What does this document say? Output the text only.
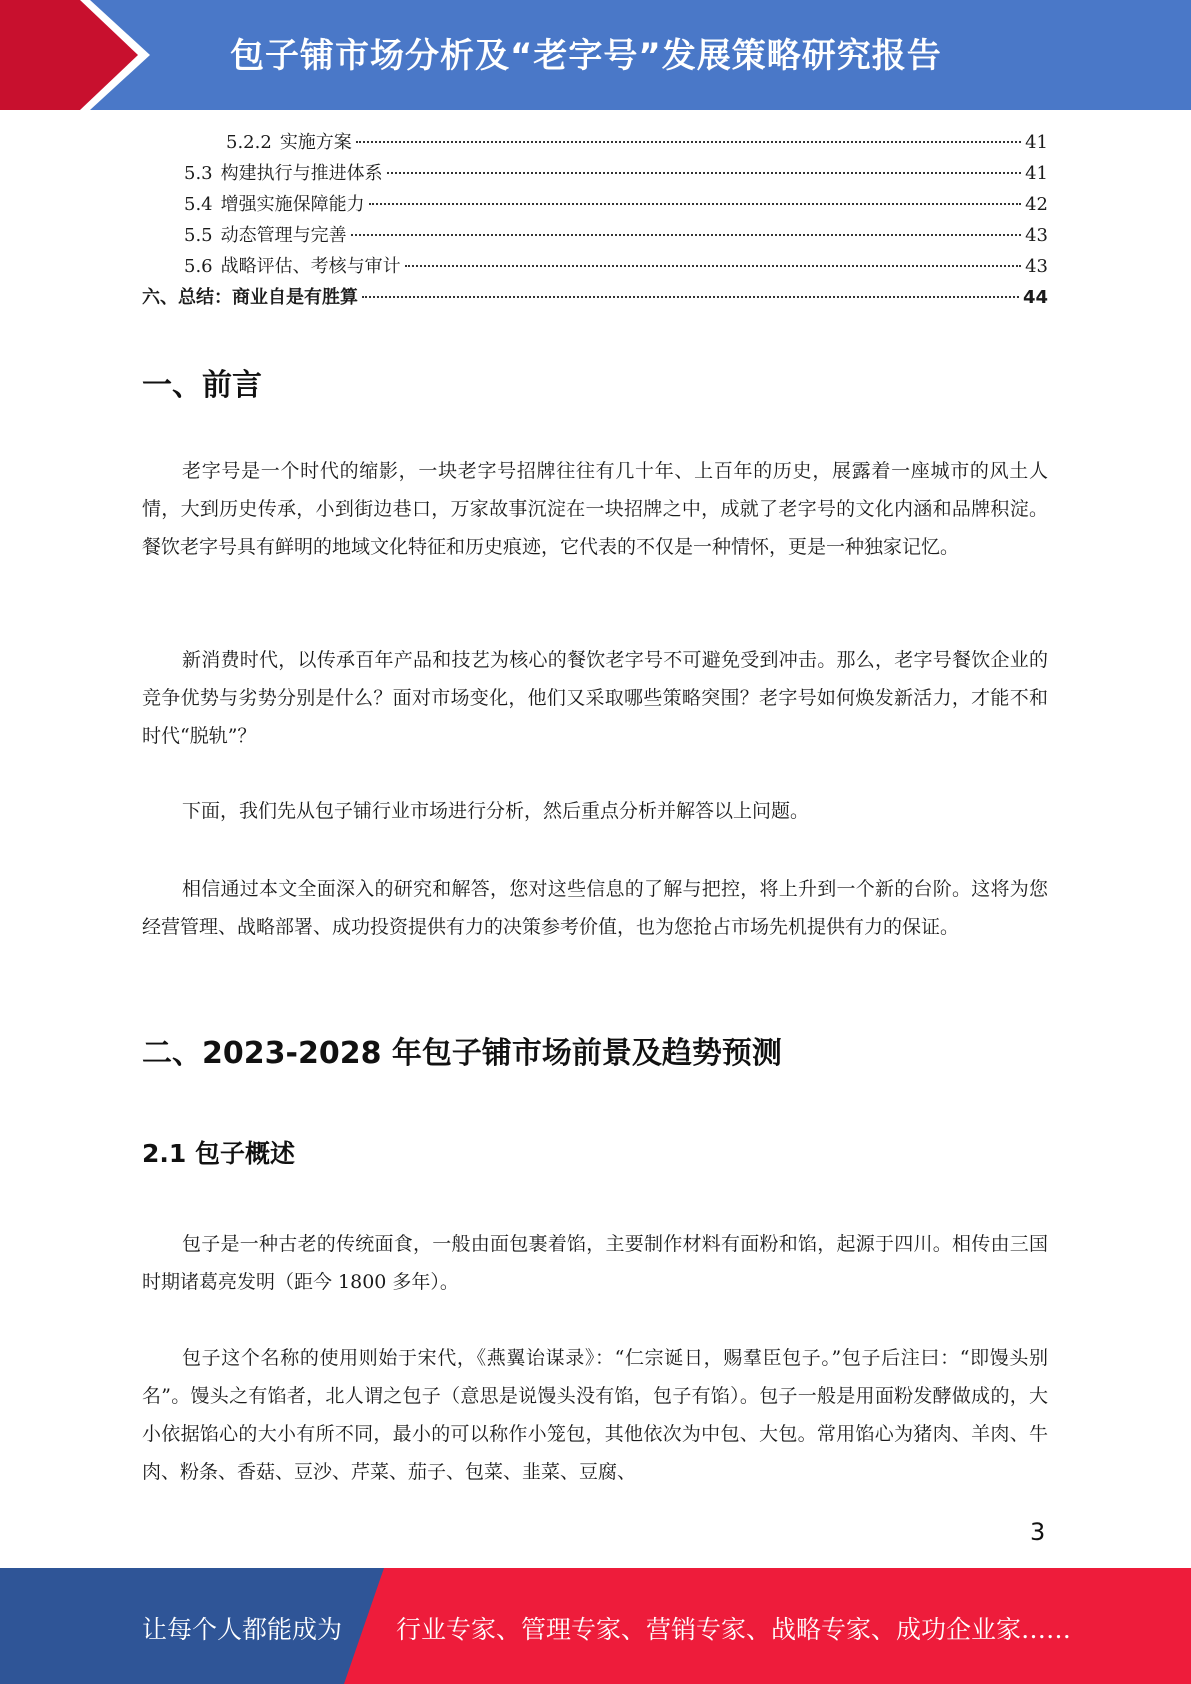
包子铺市场分析及“老字号”发展策略研究报告
5.2.2 实施方案	41
5.3 构建执行与推进体系	41
5.4 增强实施保障能力	42
5.5 动态管理与完善	43
5.6 战略评估、考核与审计	43
六、总结：商业自是有胜算	44
一、前言

老字号是一个时代的缩影，一块老字号招牌往往有几十年、上百年的历史，展露着一座城市的风土人情，大到历史传承，小到街边巷口，万家故事沉淀在一块招牌之中，成就了老字号的文化内涵和品牌积淀。餐饮老字号具有鲜明的地域文化特征和历史痕迹，它代表的不仅是一种情怀，更是一种独家记忆。

新消费时代，以传承百年产品和技艺为核心的餐饮老字号不可避免受到冲击。那么，老字号餐饮企业的竞争优势与劣势分别是什么？面对市场变化，他们又采取哪些策略突围？老字号如何焕发新活力，才能不和时代“脱轨”？

下面，我们先从包子铺行业市场进行分析，然后重点分析并解答以上问题。

相信通过本文全面深入的研究和解答，您对这些信息的了解与把控，将上升到一个新的台阶。这将为您经营管理、战略部署、成功投资提供有力的决策参考价值，也为您抢占市场先机提供有力的保证。

二、2023-2028 年包子铺市场前景及趋势预测
2.1 包子概述

包子是一种古老的传统面食，一般由面包裹着馅，主要制作材料有面粉和馅，起源于四川。相传由三国时期诸葛亮发明（距今 1800 多年）。

包子这个名称的使用则始于宋代，《燕翼诒谋录》：“仁宗诞日，赐羣臣包子。”包子后注曰：“即馒头别名”。馒头之有馅者，北人谓之包子（意思是说馒头没有馅，包子有馅）。包子一般是用面粉发酵做成的，大小依据馅心的大小有所不同，最小的可以称作小笼包，其他依次为中包、大包。常用馅心为猪肉、羊肉、牛肉、粉条、香菇、豆沙、芹菜、茄子、包菜、韭菜、豆腐、

3
让每个人都能成为 行业专家、管理专家、营销专家、战略专家、成功企业家……
